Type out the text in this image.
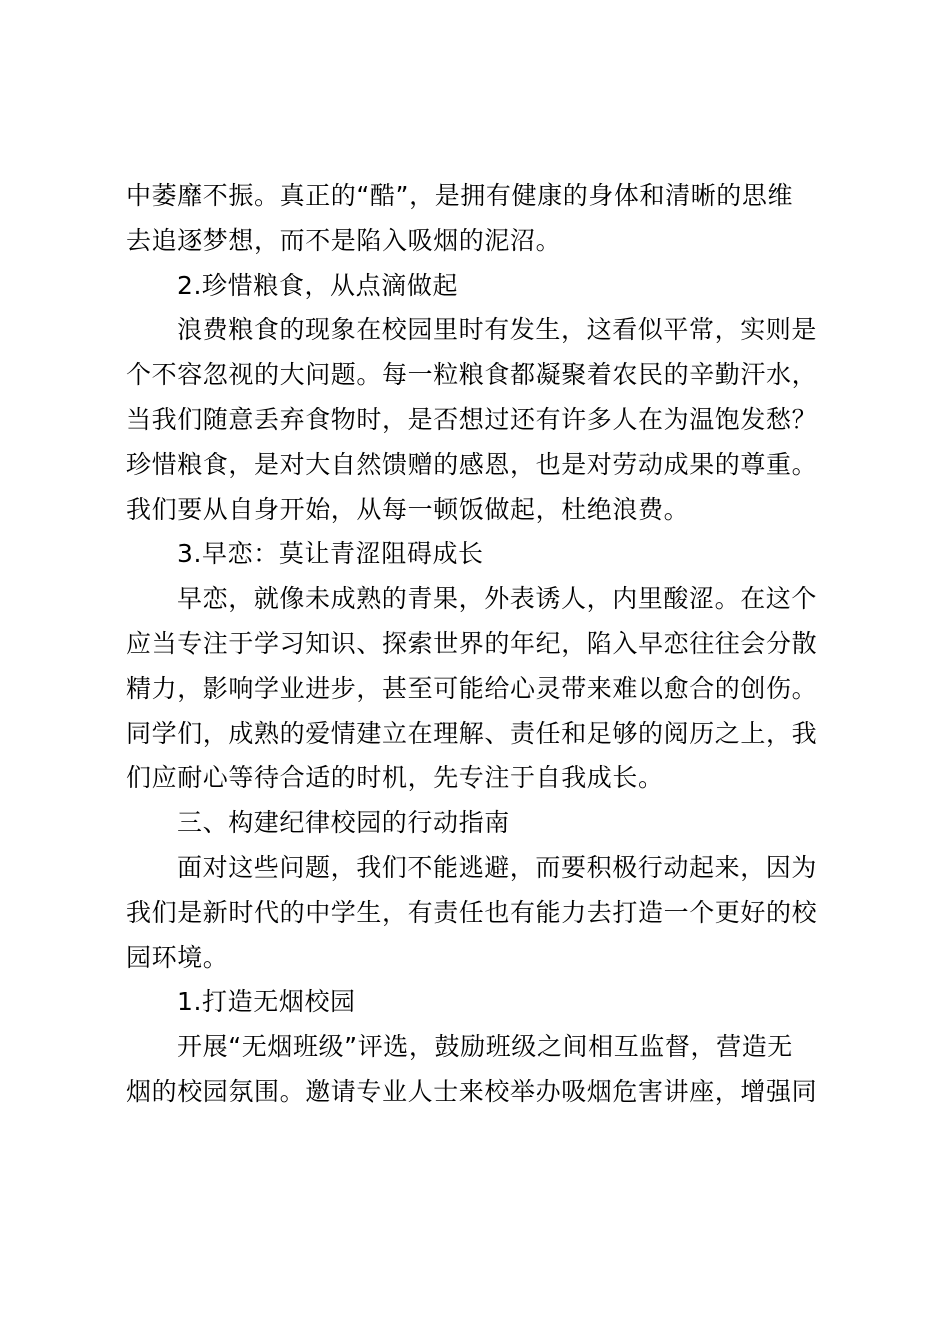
中萎靡不振。真正的“酷”，是拥有健康的身体和清晰的思维
去追逐梦想，而不是陷入吸烟的泥沼。
2.珍惜粮食，从点滴做起
浪费粮食的现象在校园里时有发生，这看似平常，实则是
个不容忽视的大问题。每一粒粮食都凝聚着农民的辛勤汗水，
当我们随意丢弃食物时，是否想过还有许多人在为温饱发愁？
珍惜粮食，是对大自然馈赠的感恩，也是对劳动成果的尊重。
我们要从自身开始，从每一顿饭做起，杜绝浪费。
3.早恋：莫让青涩阻碍成长
早恋，就像未成熟的青果，外表诱人，内里酸涩。在这个
应当专注于学习知识、探索世界的年纪，陷入早恋往往会分散
精力，影响学业进步，甚至可能给心灵带来难以愈合的创伤。
同学们，成熟的爱情建立在理解、责任和足够的阅历之上，我
们应耐心等待合适的时机，先专注于自我成长。
三、构建纪律校园的行动指南
面对这些问题，我们不能逃避，而要积极行动起来，因为
我们是新时代的中学生，有责任也有能力去打造一个更好的校
园环境。
1.打造无烟校园
开展“无烟班级”评选，鼓励班级之间相互监督，营造无
烟的校园氛围。邀请专业人士来校举办吸烟危害讲座，增强同
